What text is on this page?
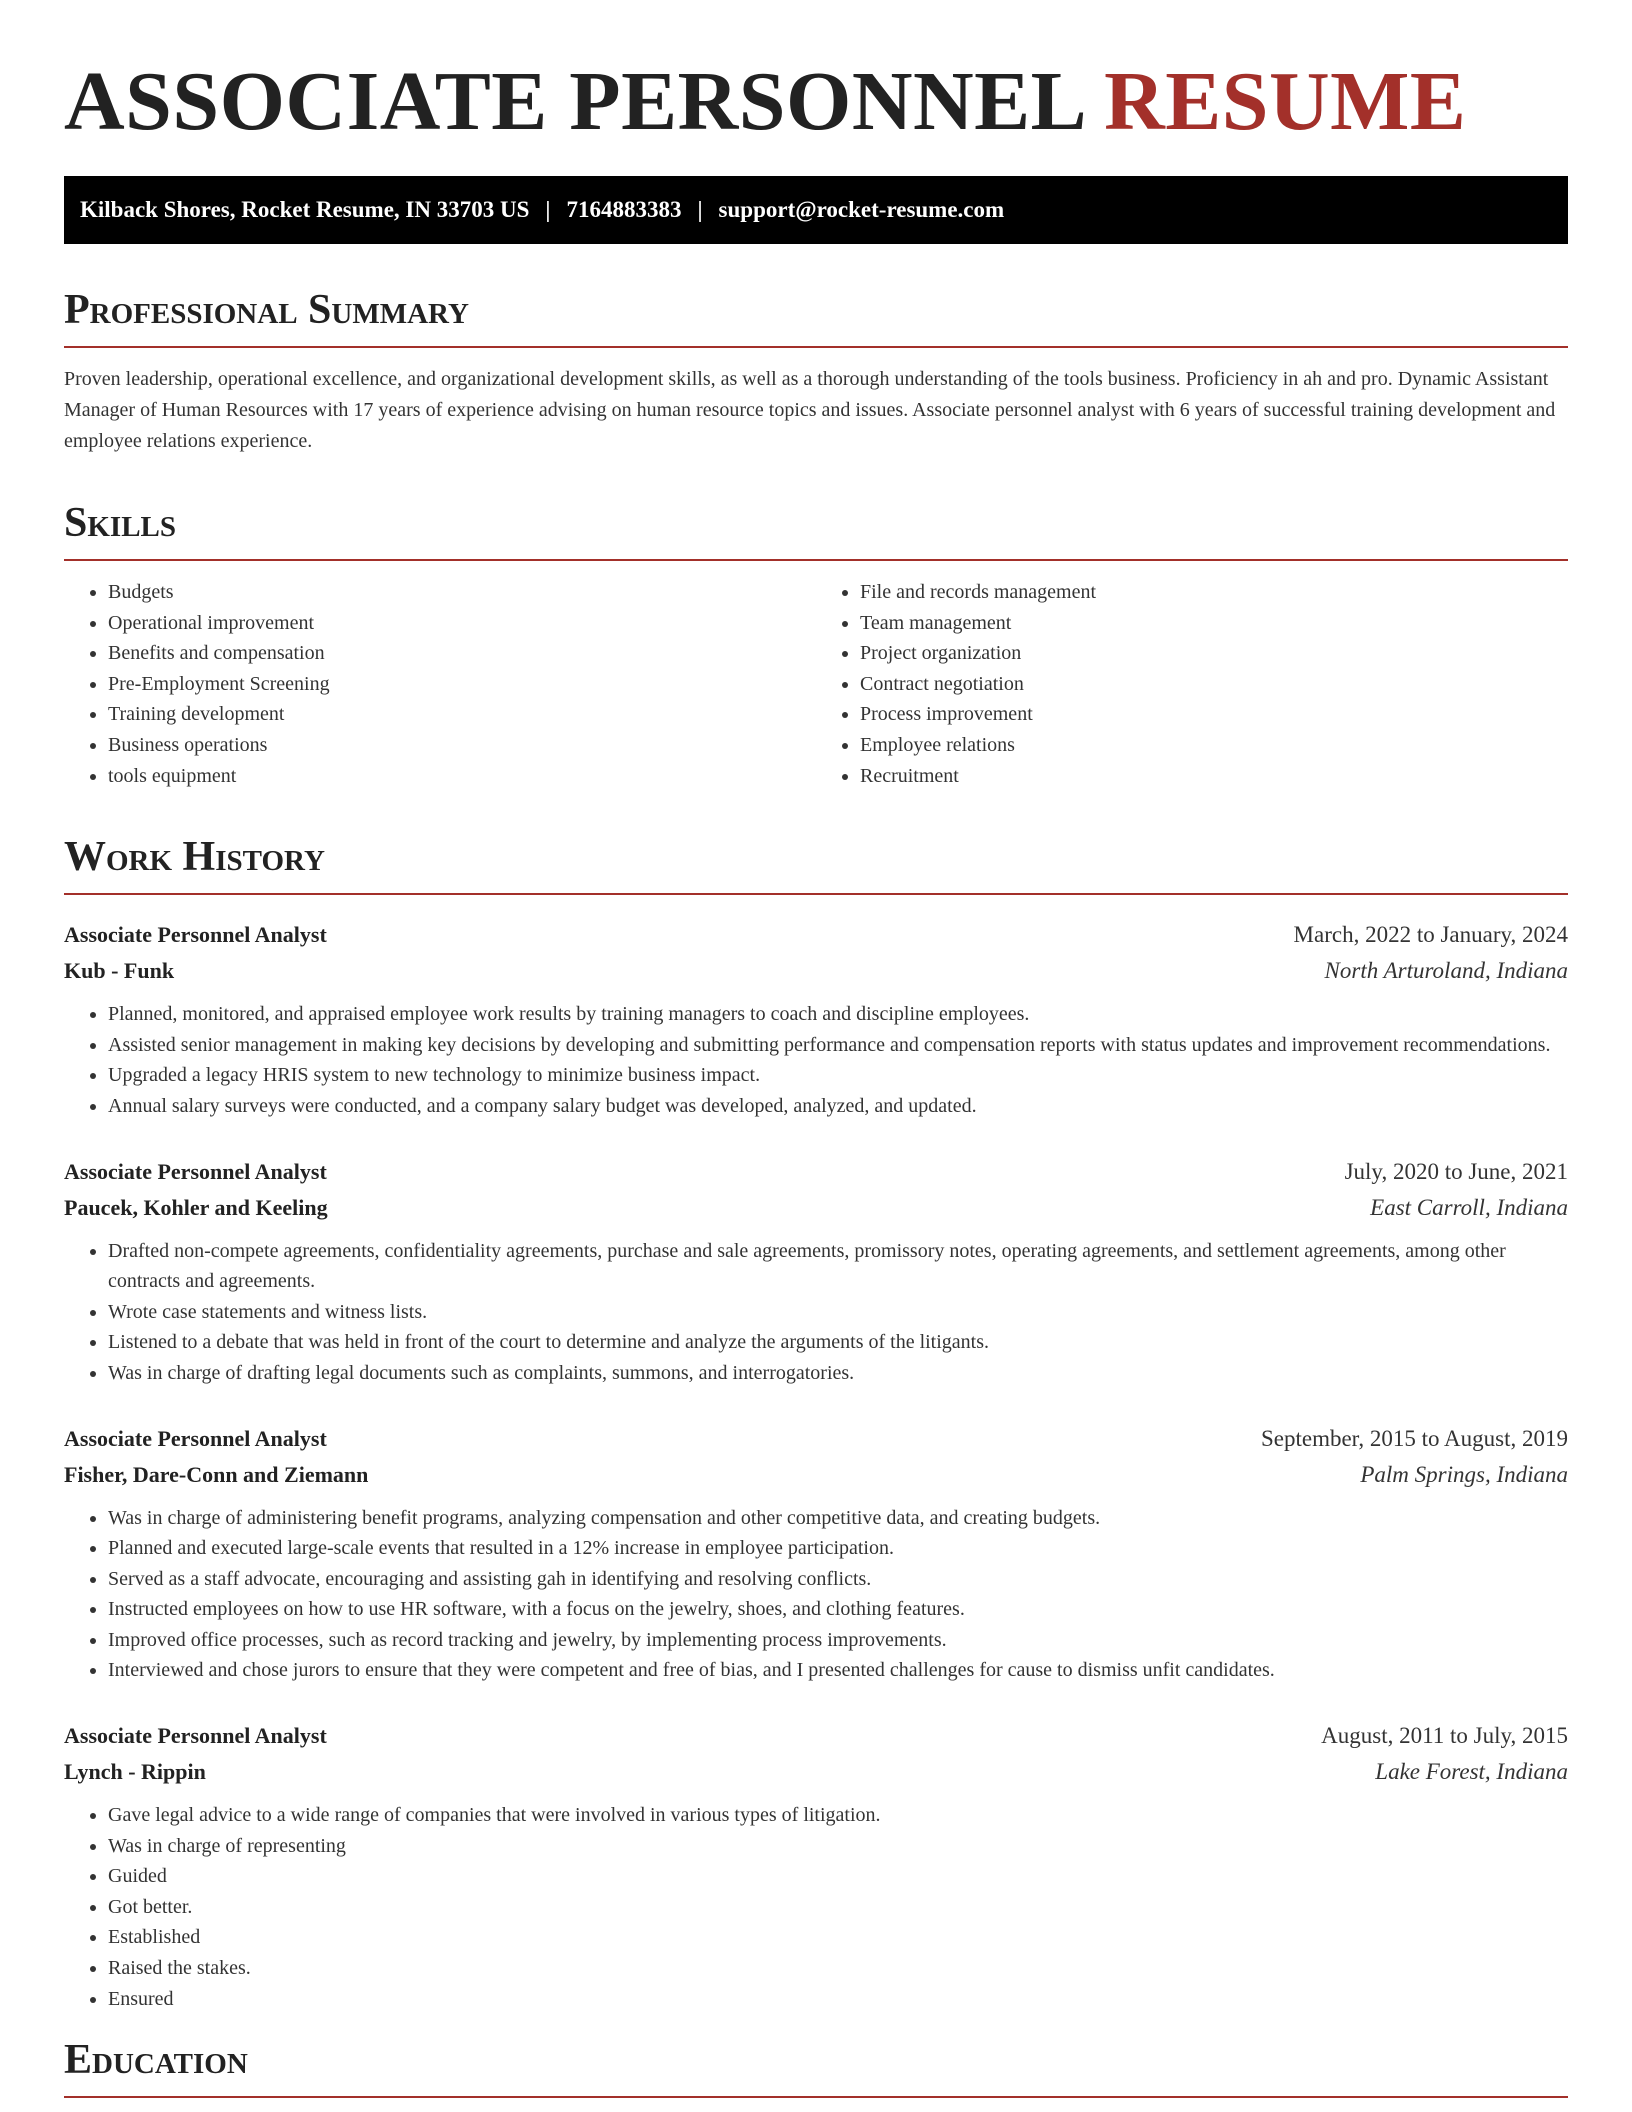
ASSOCIATE PERSONNEL RESUME
Kilback Shores, Rocket Resume, IN 33703 US | 7164883383 | support@rocket-resume.com
Professional Summary

Proven leadership, operational excellence, and organizational development skills, as well as a thorough understanding of the tools business. Proficiency in ah and pro. Dynamic Assistant Manager of Human Resources with 17 years of experience advising on human resource topics and issues. Associate personnel analyst with 6 years of successful training development and employee relations experience.

Skills
• Budgets
• Operational improvement
• Benefits and compensation
• Pre-Employment Screening
• Training development
• Business operations
• tools equipment
• File and records management
• Team management
• Project organization
• Contract negotiation
• Process improvement
• Employee relations
• Recruitment
Work History
Associate Personnel Analyst	March, 2022 to January, 2024
Kub - Funk	North Arturoland, Indiana
• Planned, monitored, and appraised employee work results by training managers to coach and discipline employees.
• Assisted senior management in making key decisions by developing and submitting performance and compensation reports with status updates and improvement recommendations.
• Upgraded a legacy HRIS system to new technology to minimize business impact.
• Annual salary surveys were conducted, and a company salary budget was developed, analyzed, and updated.
Associate Personnel Analyst	July, 2020 to June, 2021
Paucek, Kohler and Keeling	East Carroll, Indiana
• Drafted non-compete agreements, confidentiality agreements, purchase and sale agreements, promissory notes, operating agreements, and settlement agreements, among other contracts and agreements.
• Wrote case statements and witness lists.
• Listened to a debate that was held in front of the court to determine and analyze the arguments of the litigants.
• Was in charge of drafting legal documents such as complaints, summons, and interrogatories.
Associate Personnel Analyst	September, 2015 to August, 2019
Fisher, Dare-Conn and Ziemann	Palm Springs, Indiana
• Was in charge of administering benefit programs, analyzing compensation and other competitive data, and creating budgets.
• Planned and executed large-scale events that resulted in a 12% increase in employee participation.
• Served as a staff advocate, encouraging and assisting gah in identifying and resolving conflicts.
• Instructed employees on how to use HR software, with a focus on the jewelry, shoes, and clothing features.
• Improved office processes, such as record tracking and jewelry, by implementing process improvements.
• Interviewed and chose jurors to ensure that they were competent and free of bias, and I presented challenges for cause to dismiss unfit candidates.
Associate Personnel Analyst	August, 2011 to July, 2015
Lynch - Rippin	Lake Forest, Indiana
• Gave legal advice to a wide range of companies that were involved in various types of litigation.
• Was in charge of representing
• Guided
• Got better.
• Established
• Raised the stakes.
• Ensured
Education
